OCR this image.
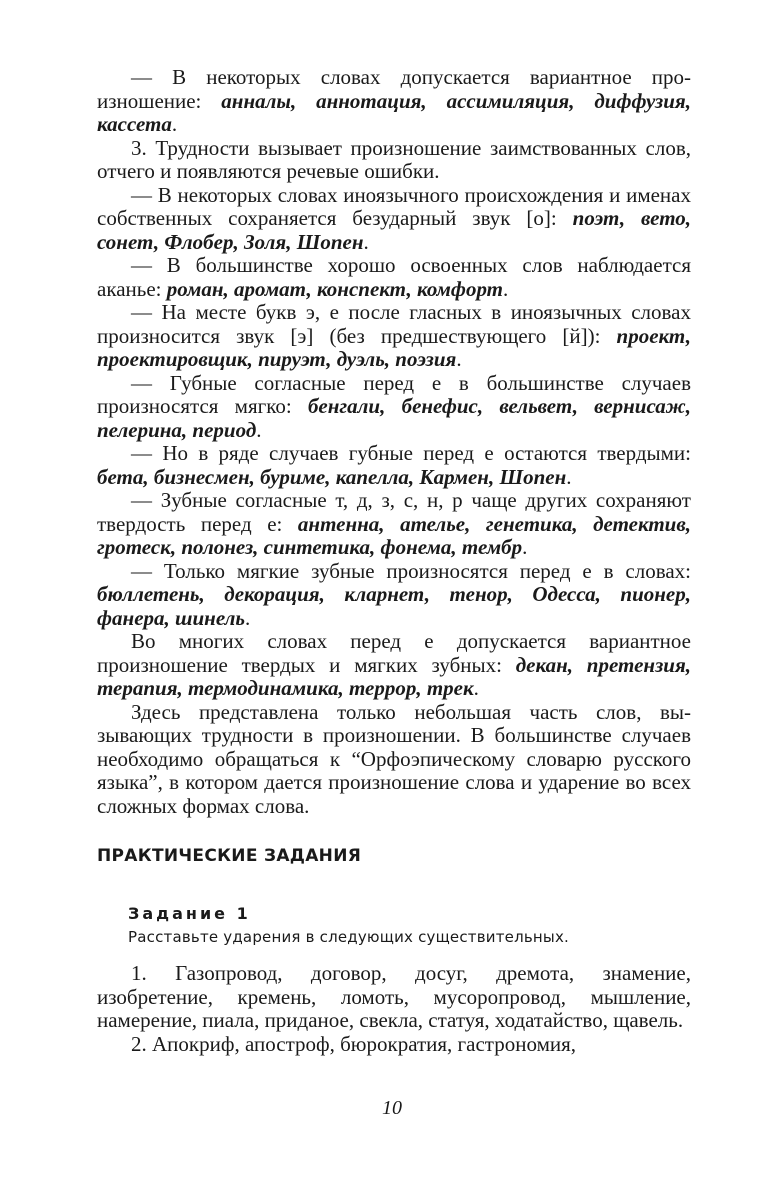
— В некоторых словах допускается вариантное произношение: анналы, аннотация, ассимиляция, диффузия, кассета.

3. Трудности вызывает произношение заимствованных слов, отчего и появляются речевые ошибки.

— В некоторых словах иноязычного происхождения и именах собственных сохраняется безударный звук [о]: поэт, вето, сонет, Флобер, Золя, Шопен.

— В большинстве хорошо освоенных слов наблюдается аканье: роман, аромат, конспект, комфорт.

— На месте букв э, е после гласных в иноязычных словах произносится звук [э] (без предшествующего [й]): проект, проектировщик, пируэт, дуэль, поэзия.

— Губные согласные перед е в большинстве случаев произносятся мягко: бенгали, бенефис, вельвет, вернисаж, пелерина, период.

— Но в ряде случаев губные перед е остаются твердыми: бета, бизнесмен, буриме, капелла, Кармен, Шопен.

— Зубные согласные т, д, з, с, н, р чаще других сохраняют твердость перед е: антенна, ателье, генетика, детектив, гротеск, полонез, синтетика, фонема, тембр.

— Только мягкие зубные произносятся перед е в словах: бюллетень, декорация, кларнет, тенор, Одесса, пионер, фанера, шинель.

Во многих словах перед е допускается вариантное произношение твердых и мягких зубных: декан, претензия, терапия, термодинамика, террор, трек.

Здесь представлена только небольшая часть слов, вызывающих трудности в произношении. В большинстве случаев необходимо обращаться к “Орфоэпическому словарю русского языка”, в котором дается произношение слова и ударение во всех сложных формах слова.

ПРАКТИЧЕСКИЕ ЗАДАНИЯ
Задание 1

Расставьте ударения в следующих существительных.

1. Газопровод, договор, досуг, дремота, знамение, изобретение, кремень, ломоть, мусоропровод, мышление, намерение, пиала, приданое, свекла, статуя, ходатайство, щавель.

2. Апокриф, апостроф, бюрократия, гастрономия,

10
